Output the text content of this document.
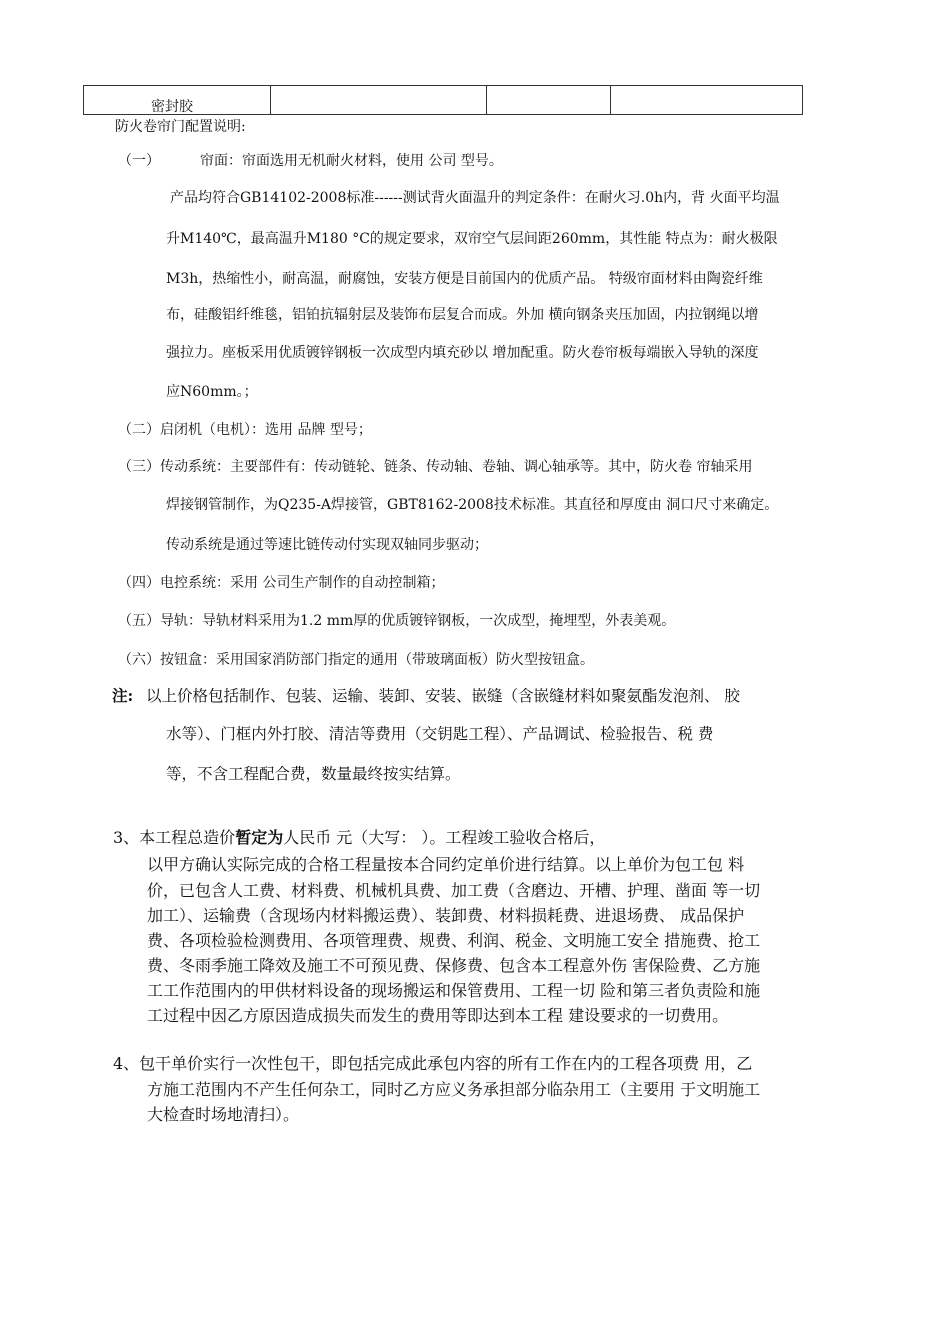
密封胶
防火卷帘门配置说明:
（一）	帘面：帘面选用无机耐火材料，使用 公司 型号。
产品均符合GB14102-2008标准------测试背火面温升的判定条件：在耐火习.0h内，背 火面平均温
升M140℃，最高温升M180 °C的规定要求，双帘空气层间距260mm，其性能 特点为：耐火极限
M3h，热缩性小，耐高温，耐腐蚀，安装方便是目前国内的优质产品。 特级帘面材料由陶瓷纤维
布，硅酸铝纤维毯，铝铂抗辐射层及装饰布层复合而成。外加 横向钢条夹压加固，内拉钢绳以增
强拉力。座板采用优质镀锌钢板一次成型内填充砂以 增加配重。防火卷帘板每端嵌入导轨的深度
应N60mm。；
（二）启闭机（电机）：选用 品牌 型号；
（三）传动系统：主要部件有：传动链轮、链条、传动轴、卷轴、调心轴承等。其中，防火卷 帘轴采用
焊接钢管制作，为Q235-A焊接管，GBT8162-2008技术标准。其直径和厚度由 洞口尺寸来确定。
传动系统是通过等速比链传动付实现双轴同步驱动；
（四）电控系统：采用 公司生产制作的自动控制箱；
（五）导轨：导轨材料采用为1.2 mm厚的优质镀锌钢板，一次成型，掩埋型，外表美观。
（六）按钮盒：采用国家消防部门指定的通用（带玻璃面板）防火型按钮盒。
注: 以上价格包括制作、包装、运输、装卸、安装、嵌缝（含嵌缝材料如聚氨酯发泡剂、 胶
水等）、门框内外打胶、清洁等费用（交钥匙工程）、产品调试、检验报告、税 费
等，不含工程配合费，数量最终按实结算。
3、本工程总造价暂定为人民币 元（大写： ）。工程竣工验收合格后，
以甲方确认实际完成的合格工程量按本合同约定单价进行结算。以上单价为包工包 料
价，已包含人工费、材料费、机械机具费、加工费（含磨边、开槽、护理、凿面 等一切
加工）、运输费（含现场内材料搬运费）、装卸费、材料损耗费、进退场费、 成品保护
费、各项检验检测费用、各项管理费、规费、利润、税金、文明施工安全 措施费、抢工
费、冬雨季施工降效及施工不可预见费、保修费、包含本工程意外伤 害保险费、乙方施
工工作范围内的甲供材料设备的现场搬运和保管费用、工程一切 险和第三者负责险和施
工过程中因乙方原因造成损失而发生的费用等即达到本工程 建设要求的一切费用。
4、包干单价实行一次性包干，即包括完成此承包内容的所有工作在内的工程各项费 用，乙
方施工范围内不产生任何杂工，同时乙方应义务承担部分临杂用工（主要用 于文明施工
大检查时场地清扫）。
